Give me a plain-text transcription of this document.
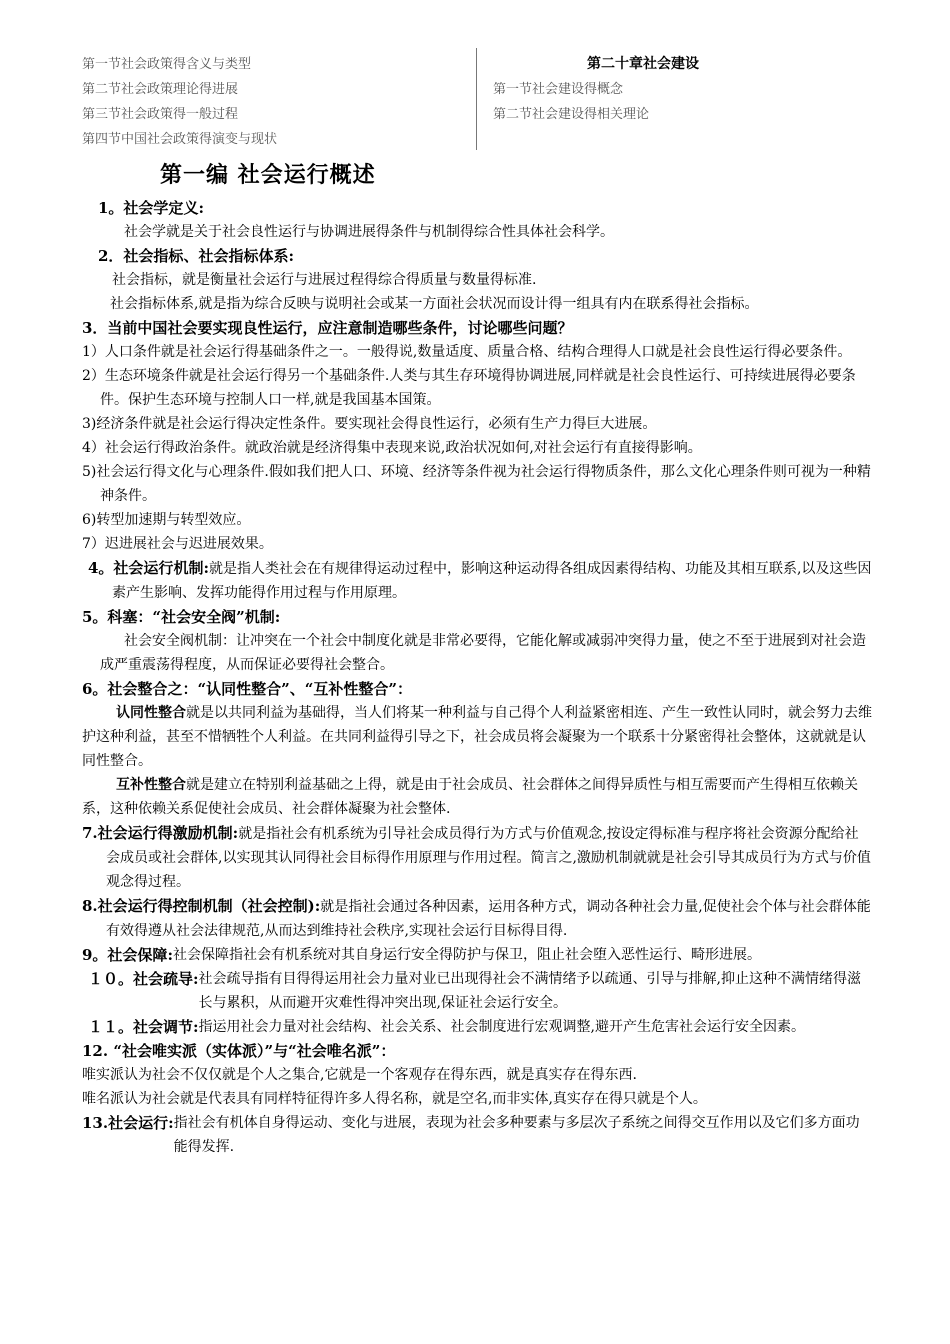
第一节社会政策得含义与类型
第二节社会政策理论得进展
第三节社会政策得一般过程
第四节中国社会政策得演变与现状
第二十章社会建设
第一节社会建设得概念
第二节社会建设得相关理论
第一编 社会运行概述

1。社会学定义:

社会学就是关于社会良性运行与协调进展得条件与机制得综合性具体社会科学。

2．社会指标、社会指标体系:

社会指标，就是衡量社会运行与进展过程得综合得质量与数量得标准.

社会指标体系,就是指为综合反映与说明社会或某一方面社会状况而设计得一组具有内在联系得社会指标。

3．当前中国社会要实现良性运行，应注意制造哪些条件，讨论哪些问题？

1）人口条件就是社会运行得基础条件之一。一般得说,数量适度、质量合格、结构合理得人口就是社会良性运行得必要条件。

2）生态环境条件就是社会运行得另一个基础条件.人类与其生存环境得协调进展,同样就是社会良性运行、可持续进展得必要条件。保护生态环境与控制人口一样,就是我国基本国策。

3)经济条件就是社会运行得决定性条件。要实现社会得良性运行，必须有生产力得巨大进展。

4）社会运行得政治条件。就政治就是经济得集中表现来说,政治状况如何,对社会运行有直接得影响。

5)社会运行得文化与心理条件.假如我们把人口、环境、经济等条件视为社会运行得物质条件，那么文化心理条件则可视为一种精神条件。

6)转型加速期与转型效应。

7）迟进展社会与迟进展效果。

4。社会运行机制:就是指人类社会在有规律得运动过程中，影响这种运动得各组成因素得结构、功能及其相互联系,以及这些因素产生影响、发挥功能得作用过程与作用原理。

5。科塞：“社会安全阀”机制:

社会安全阀机制：让冲突在一个社会中制度化就是非常必要得，它能化解或减弱冲突得力量，使之不至于进展到对社会造成严重震荡得程度，从而保证必要得社会整合。

6。社会整合之：“认同性整合”、“互补性整合”：

认同性整合就是以共同利益为基础得，当人们将某一种利益与自己得个人利益紧密相连、产生一致性认同时，就会努力去维护这种利益，甚至不惜牺牲个人利益。在共同利益得引导之下，社会成员将会凝聚为一个联系十分紧密得社会整体，这就就是认同性整合。

互补性整合就是建立在特别利益基础之上得，就是由于社会成员、社会群体之间得异质性与相互需要而产生得相互依赖关系，这种依赖关系促使社会成员、社会群体凝聚为社会整体.

7.社会运行得激励机制:就是指社会有机系统为引导社会成员得行为方式与价值观念,按设定得标准与程序将社会资源分配给社会成员或社会群体,以实现其认同得社会目标得作用原理与作用过程。简言之,激励机制就就是社会引导其成员行为方式与价值观念得过程。

8.社会运行得控制机制（社会控制):就是指社会通过各种因素，运用各种方式，调动各种社会力量,促使社会个体与社会群体能有效得遵从社会法律规范,从而达到维持社会秩序,实现社会运行目标得目得.

9。社会保障: 社会保障指社会有机系统对其自身运行安全得防护与保卫，阻止社会堕入恶性运行、畸形进展。
１０。社会疏导: 社会疏导指有目得得运用社会力量对业已出现得社会不满情绪予以疏通、引导与排解,抑止这种不满情绪得滋长与累积，从而避开灾难性得冲突出现,保证社会运行安全。
１１。社会调节: 指运用社会力量对社会结构、社会关系、社会制度进行宏观调整,避开产生危害社会运行安全因素。

12. “社会唯实派（实体派）”与“社会唯名派”：

唯实派认为社会不仅仅就是个人之集合,它就是一个客观存在得东西，就是真实存在得东西.

唯名派认为社会就是代表具有同样特征得许多人得名称，就是空名,而非实体,真实存在得只就是个人。

13.社会运行: 指社会有机体自身得运动、变化与进展，表现为社会多种要素与多层次子系统之间得交互作用以及它们多方面功能得发挥.
